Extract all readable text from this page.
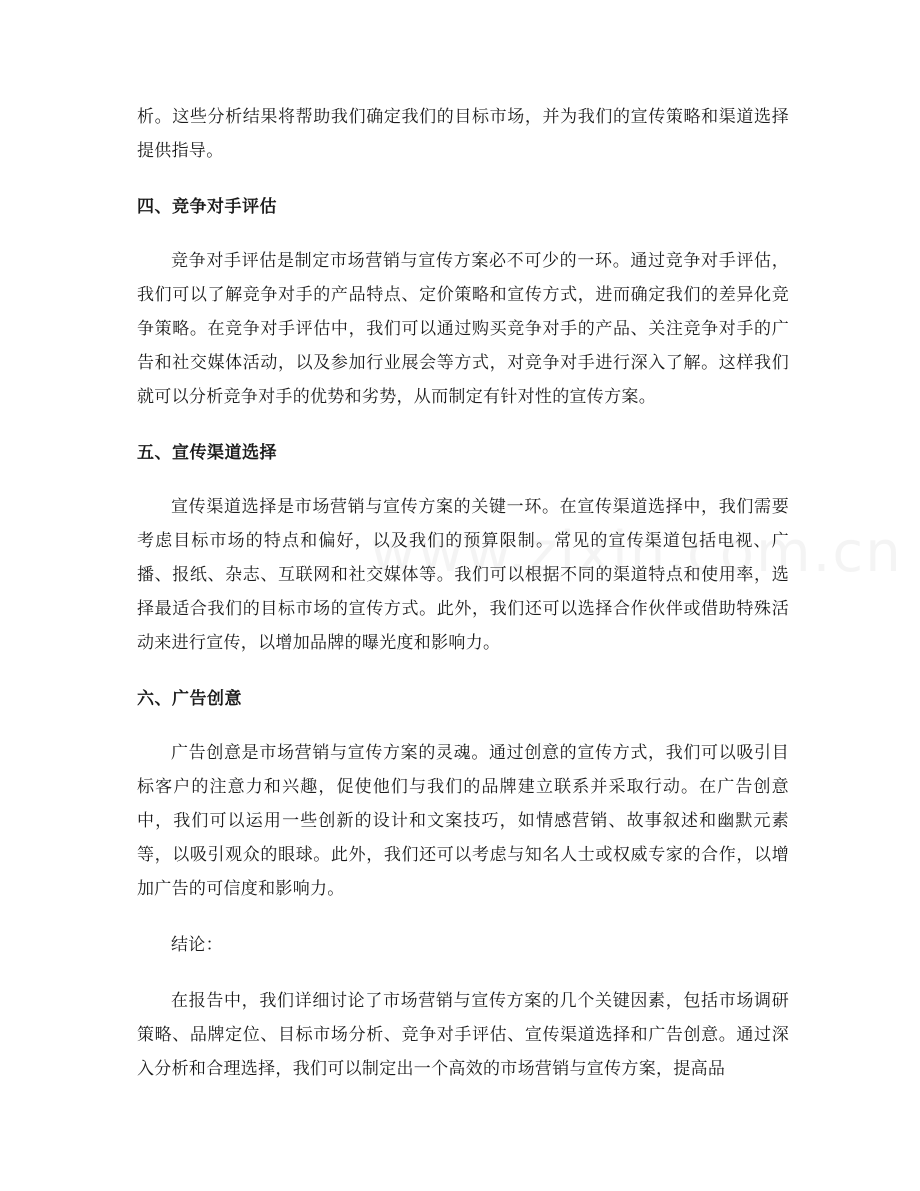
析。这些分析结果将帮助我们确定我们的目标市场，并为我们的宣传策略和渠道选择提供指导。

四、竞争对手评估

竞争对手评估是制定市场营销与宣传方案必不可少的一环。通过竞争对手评估，我们可以了解竞争对手的产品特点、定价策略和宣传方式，进而确定我们的差异化竞争策略。在竞争对手评估中，我们可以通过购买竞争对手的产品、关注竞争对手的广告和社交媒体活动，以及参加行业展会等方式，对竞争对手进行深入了解。这样我们就可以分析竞争对手的优势和劣势，从而制定有针对性的宣传方案。

五、宣传渠道选择

宣传渠道选择是市场营销与宣传方案的关键一环。在宣传渠道选择中，我们需要考虑目标市场的特点和偏好，以及我们的预算限制。常见的宣传渠道包括电视、广播、报纸、杂志、互联网和社交媒体等。我们可以根据不同的渠道特点和使用率，选择最适合我们的目标市场的宣传方式。此外，我们还可以选择合作伙伴或借助特殊活动来进行宣传，以增加品牌的曝光度和影响力。

六、广告创意

广告创意是市场营销与宣传方案的灵魂。通过创意的宣传方式，我们可以吸引目标客户的注意力和兴趣，促使他们与我们的品牌建立联系并采取行动。在广告创意中，我们可以运用一些创新的设计和文案技巧，如情感营销、故事叙述和幽默元素等，以吸引观众的眼球。此外，我们还可以考虑与知名人士或权威专家的合作，以增加广告的可信度和影响力。

结论：

在报告中，我们详细讨论了市场营销与宣传方案的几个关键因素，包括市场调研策略、品牌定位、目标市场分析、竞争对手评估、宣传渠道选择和广告创意。通过深入分析和合理选择，我们可以制定出一个高效的市场营销与宣传方案，提高品
